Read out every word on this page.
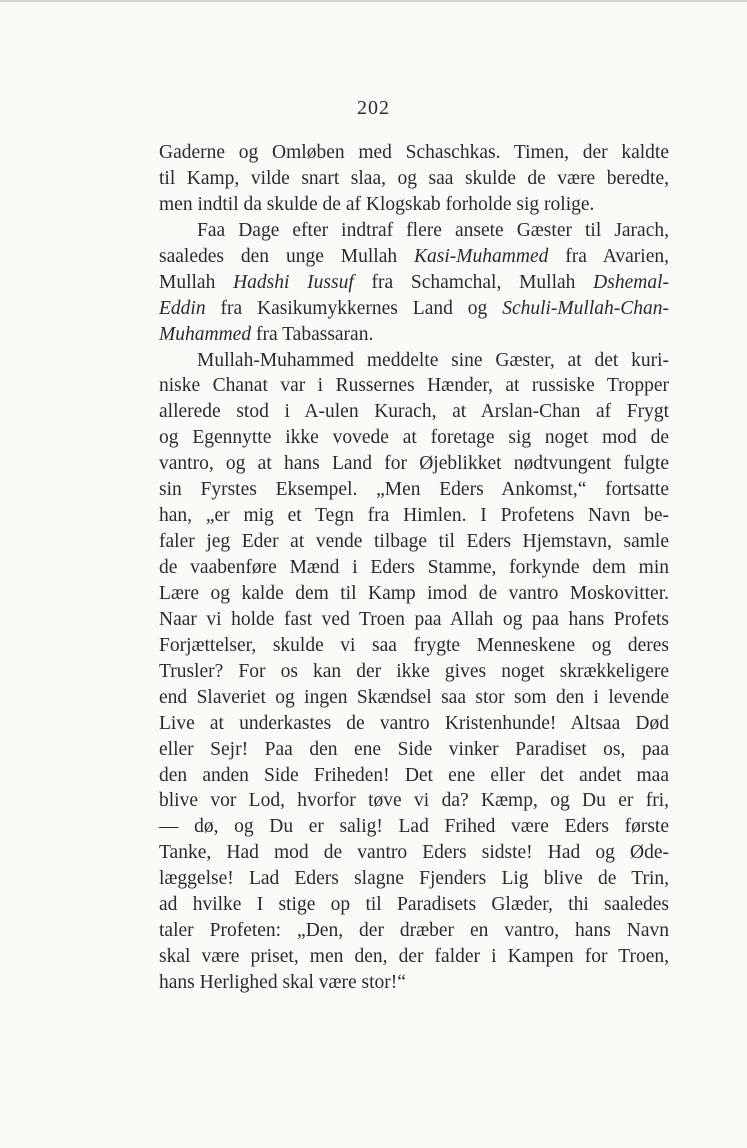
202
Gaderne og Omløben med Schaschkas. Timen, der kaldte
til Kamp, vilde snart slaa, og saa skulde de være beredte,
men indtil da skulde de af Klogskab forholde sig rolige.
Faa Dage efter indtraf flere ansete Gæster til Jarach,
saaledes den unge Mullah Kasi-Muhammed fra Avarien,
Mullah Hadshi Iussuf fra Schamchal, Mullah Dshemal-
Eddin fra Kasikumykkernes Land og Schuli-Mullah-Chan-
Muhammed fra Tabassaran.
Mullah-Muhammed meddelte sine Gæster, at det kuri-
niske Chanat var i Russernes Hænder, at russiske Tropper
allerede stod i A-ulen Kurach, at Arslan-Chan af Frygt
og Egennytte ikke vovede at foretage sig noget mod de
vantro, og at hans Land for Øjeblikket nødtvungent fulgte
sin Fyrstes Eksempel. „Men Eders Ankomst,“ fortsatte
han, „er mig et Tegn fra Himlen. I Profetens Navn be-
faler jeg Eder at vende tilbage til Eders Hjemstavn, samle
de vaabenføre Mænd i Eders Stamme, forkynde dem min
Lære og kalde dem til Kamp imod de vantro Moskovitter.
Naar vi holde fast ved Troen paa Allah og paa hans Profets
Forjættelser, skulde vi saa frygte Menneskene og deres
Trusler? For os kan der ikke gives noget skrækkeligere
end Slaveriet og ingen Skændsel saa stor som den i levende
Live at underkastes de vantro Kristenhunde! Altsaa Død
eller Sejr! Paa den ene Side vinker Paradiset os, paa
den anden Side Friheden! Det ene eller det andet maa
blive vor Lod, hvorfor tøve vi da? Kæmp, og Du er fri,
— dø, og Du er salig! Lad Frihed være Eders første
Tanke, Had mod de vantro Eders sidste! Had og Øde-
læggelse! Lad Eders slagne Fjenders Lig blive de Trin,
ad hvilke I stige op til Paradisets Glæder, thi saaledes
taler Profeten: „Den, der dræber en vantro, hans Navn
skal være priset, men den, der falder i Kampen for Troen,
hans Herlighed skal være stor!“
